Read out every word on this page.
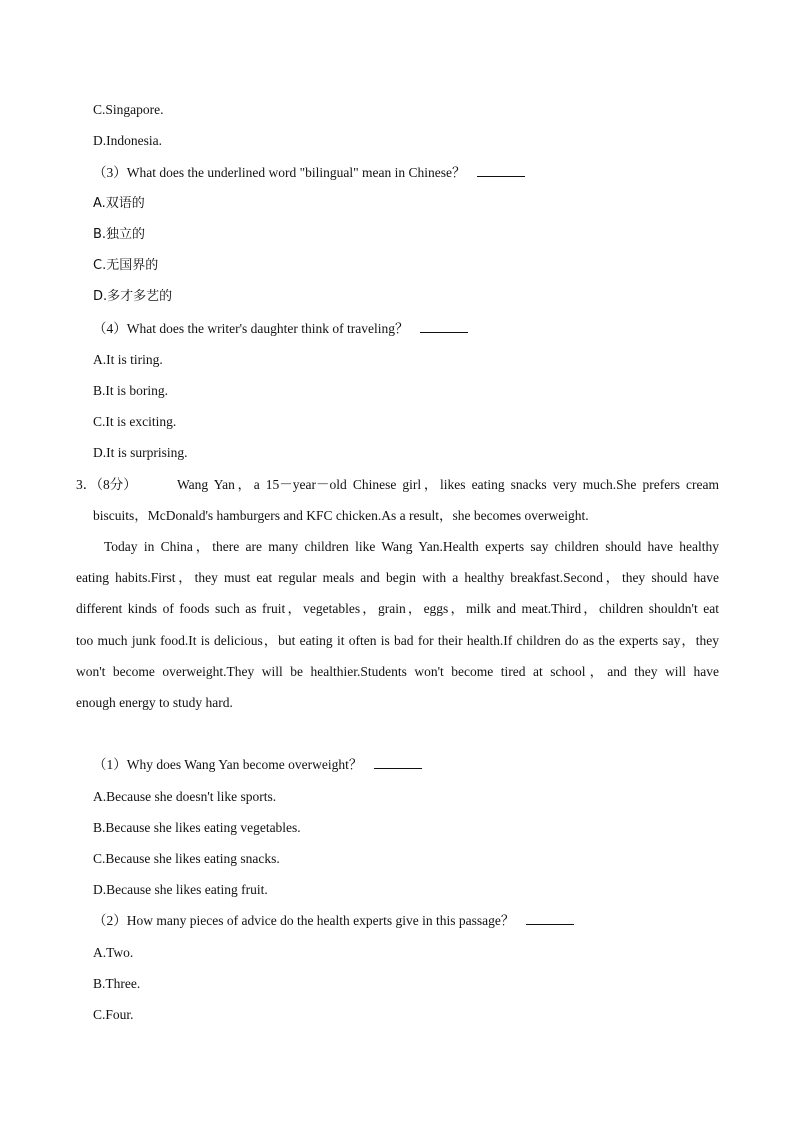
C.Singapore.
D.Indonesia.
（3）What does the underlined word "bilingual" mean in Chinese？
A.双语的
B.独立的
C.无国界的
D.多才多艺的
（4）What does the writer's daughter think of traveling？
A.It is tiring.
B.It is boring.
C.It is exciting.
D.It is surprising.
3．（8分）	Wang Yan，a 15－year－old Chinese girl，likes eating snacks very much.She prefers cream
biscuits，McDonald's hamburgers and KFC chicken.As a result，she becomes overweight.
Today in China，there are many children like Wang Yan.Health experts say children should have healthy
eating habits.First，they must eat regular meals and begin with a healthy breakfast.Second，they should have
different kinds of foods such as fruit，vegetables，grain，eggs，milk and meat.Third，children shouldn't eat
too much junk food.It is delicious，but eating it often is bad for their health.If children do as the experts say，they
won't become overweight.They will be healthier.Students won't become tired at school，and they will have
enough energy to study hard.
（1）Why does Wang Yan become overweight？
A.Because she doesn't like sports.
B.Because she likes eating vegetables.
C.Because she likes eating snacks.
D.Because she likes eating fruit.
（2）How many pieces of advice do the health experts give in this passage？
A.Two.
B.Three.
C.Four.
